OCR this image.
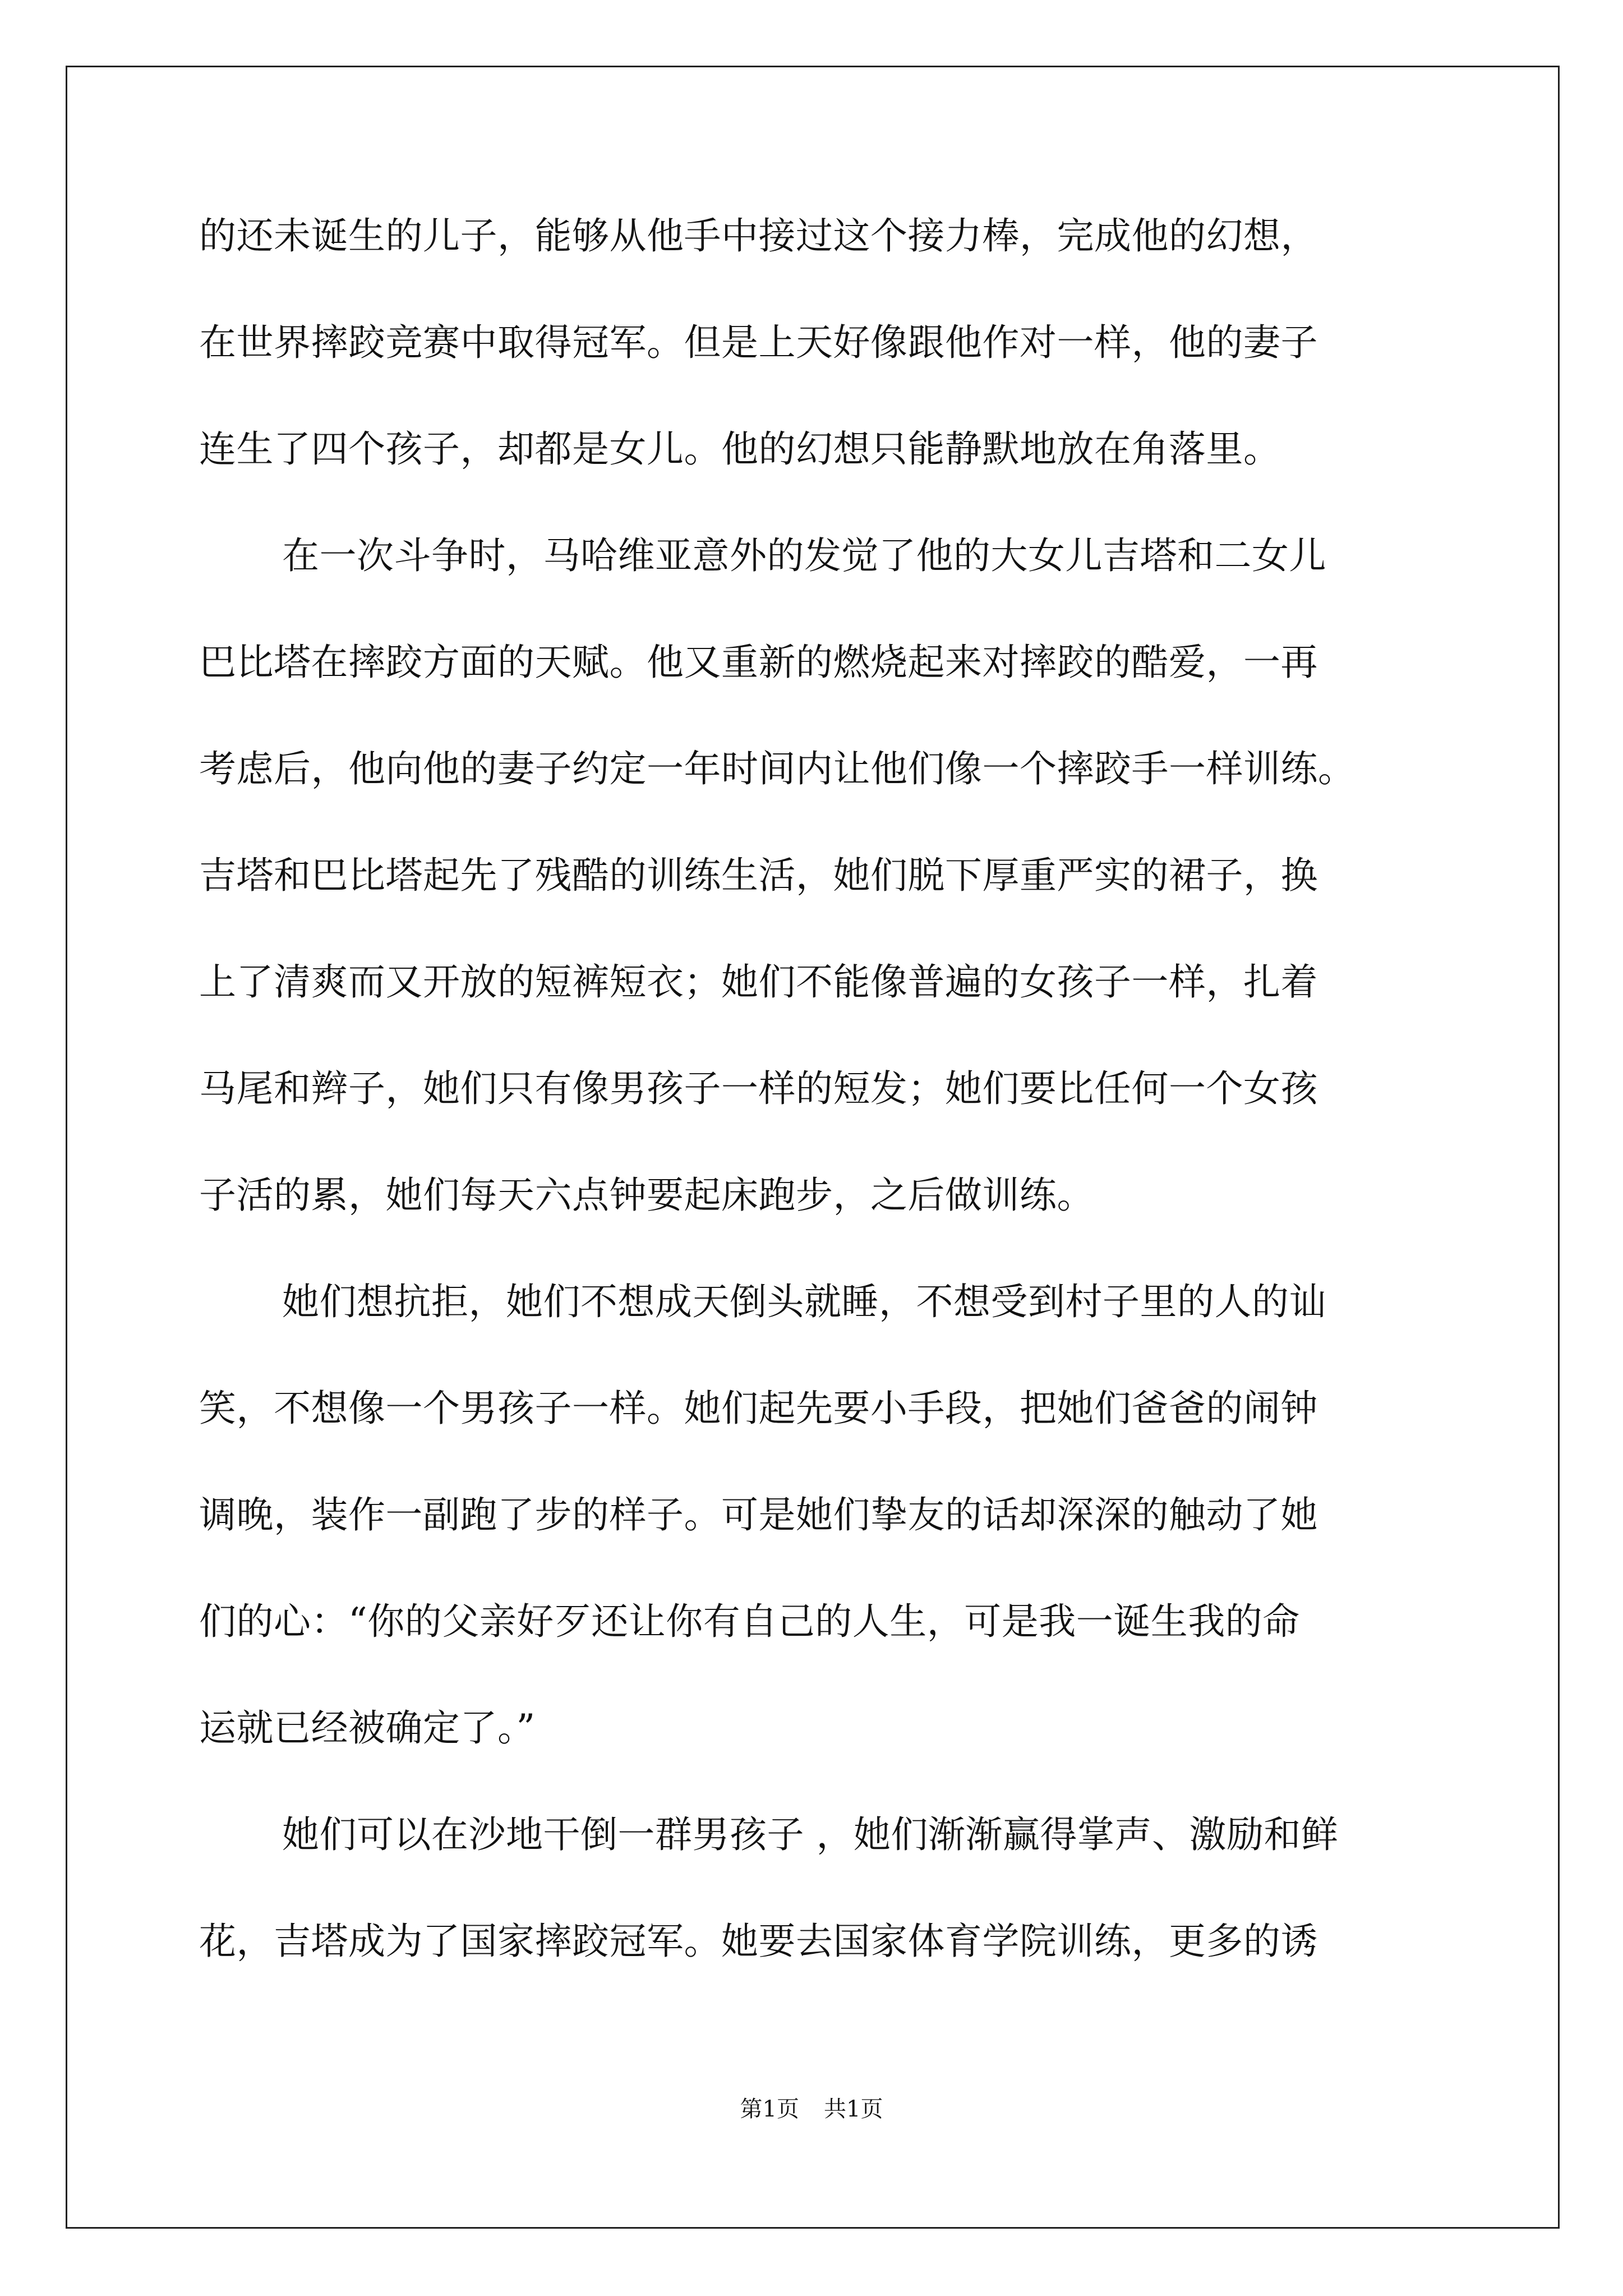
的还未诞生的儿子，能够从他手中接过这个接力棒，完成他的幻想，
在世界摔跤竞赛中取得冠军。但是上天好像跟他作对一样，他的妻子
连生了四个孩子，却都是女儿。他的幻想只能静默地放在角落里。
在一次斗争时，马哈维亚意外的发觉了他的大女儿吉塔和二女儿
巴比塔在摔跤方面的天赋。他又重新的燃烧起来对摔跤的酷爱，一再
考虑后，他向他的妻子约定一年时间内让他们像一个摔跤手一样训练。
吉塔和巴比塔起先了残酷的训练生活，她们脱下厚重严实的裙子，换
上了清爽而又开放的短裤短衣；她们不能像普遍的女孩子一样，扎着
马尾和辫子，她们只有像男孩子一样的短发；她们要比任何一个女孩
子活的累，她们每天六点钟要起床跑步，之后做训练。
她们想抗拒，她们不想成天倒头就睡，不想受到村子里的人的讪
笑，不想像一个男孩子一样。她们起先要小手段，把她们爸爸的闹钟
调晚，装作一副跑了步的样子。可是她们挚友的话却深深的触动了她
们的心：“你的父亲好歹还让你有自己的人生，可是我一诞生我的命
运就已经被确定了。”
她们可以在沙地干倒一群男孩子 ，她们渐渐赢得掌声、激励和鲜
花，吉塔成为了国家摔跤冠军。她要去国家体育学院训练，更多的诱
第1页 共1页
